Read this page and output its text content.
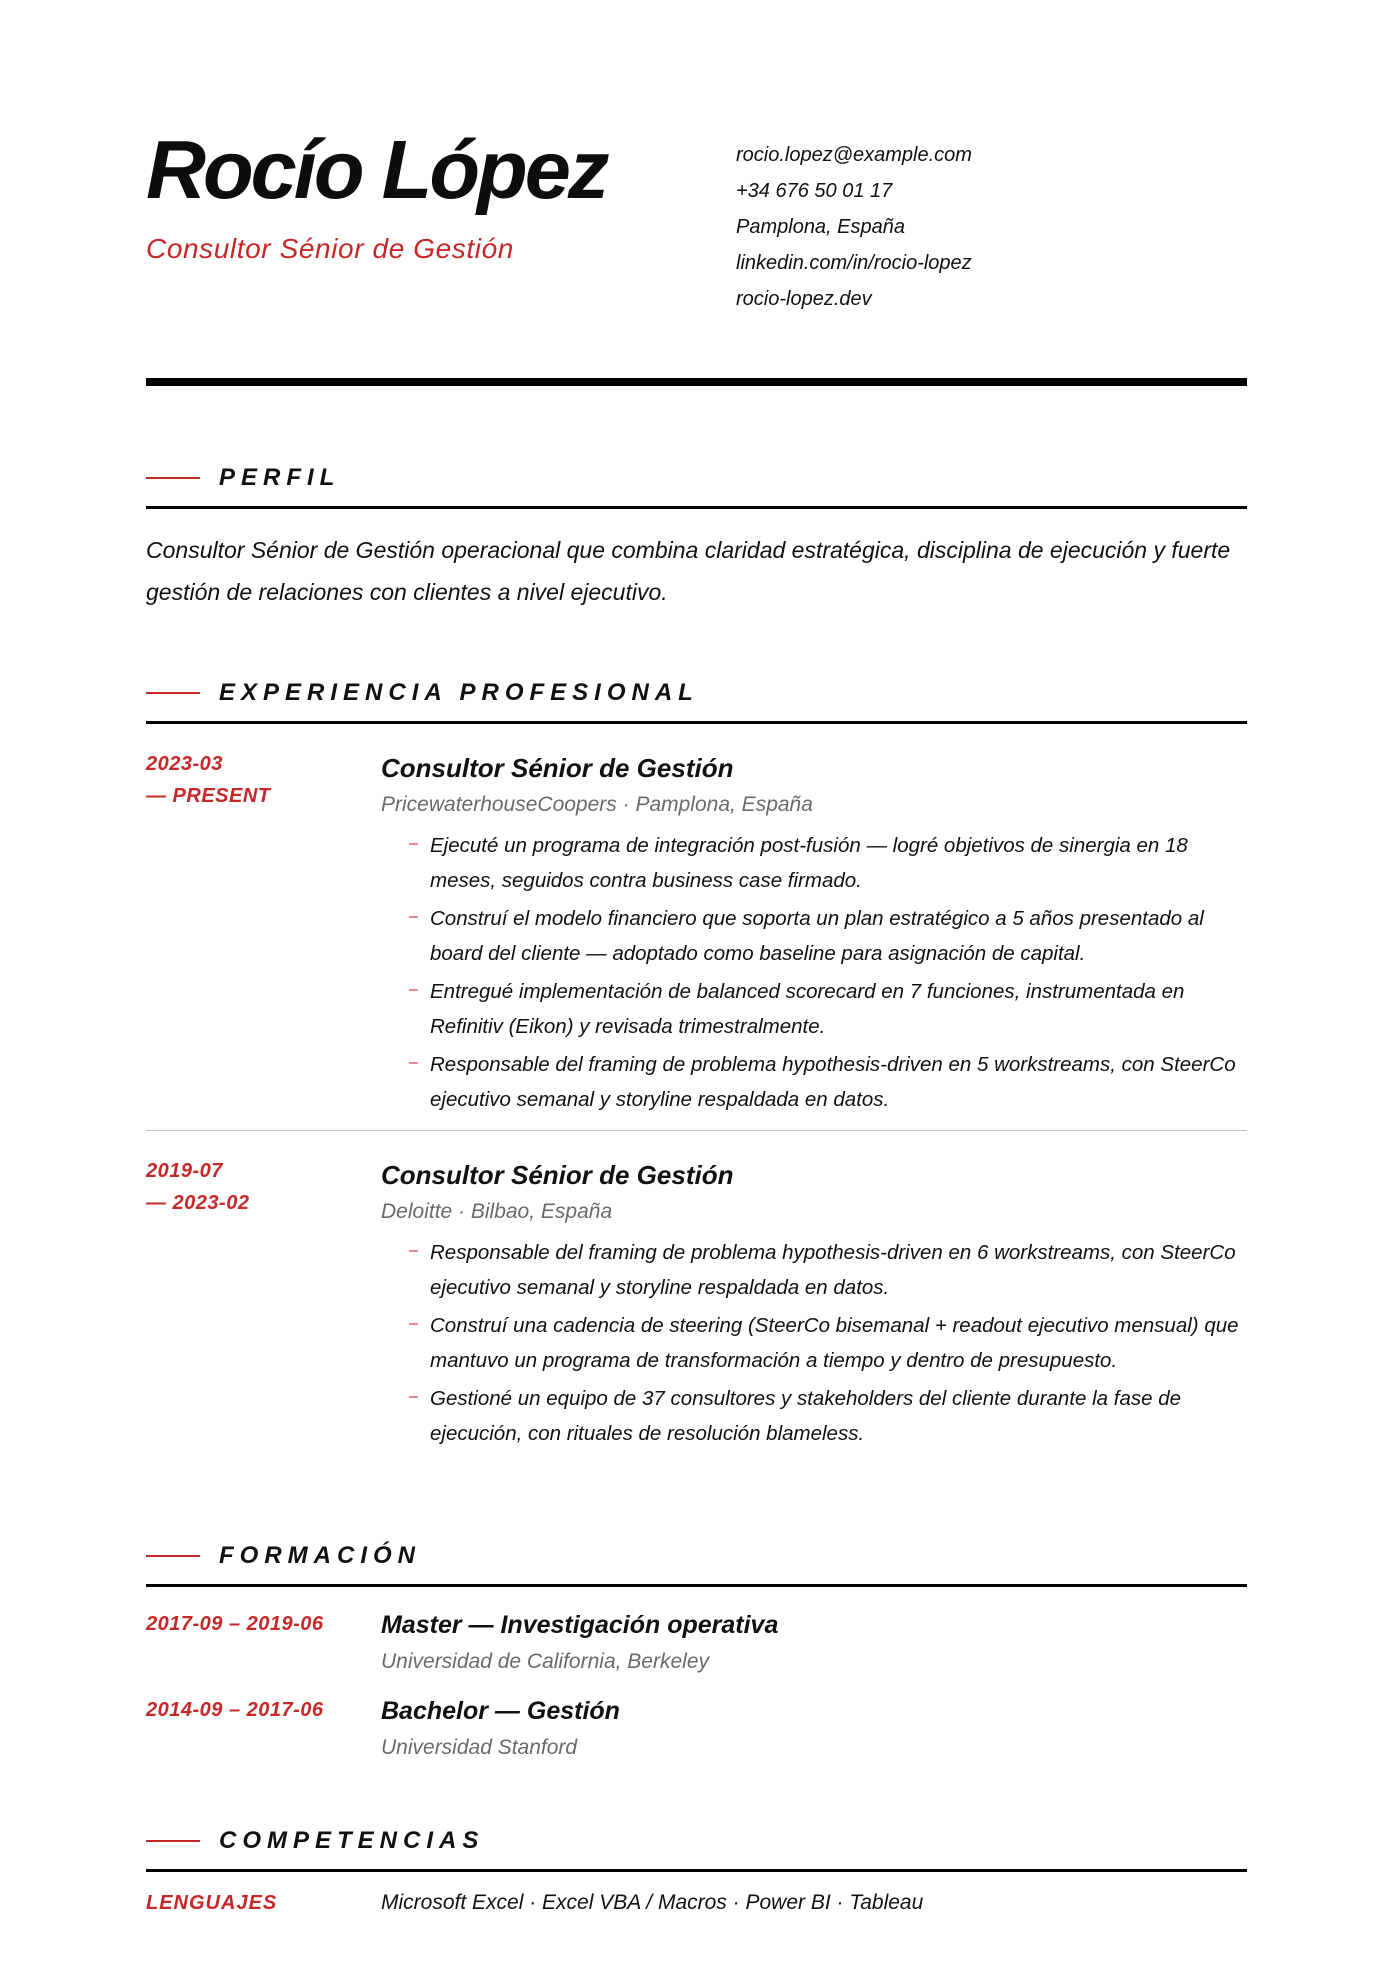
Rocío López
Consultor Sénior de Gestión
rocio.lopez@example.com
+34 676 50 01 17
Pamplona, España
linkedin.com/in/rocio-lopez
rocio-lopez.dev
PERFIL

Consultor Sénior de Gestión operacional que combina claridad estratégica, disciplina de ejecución y fuerte gestión de relaciones con clientes a nivel ejecutivo.

EXPERIENCIA PROFESIONAL
2023-03
— PRESENT
Consultor Sénior de Gestión
PricewaterhouseCoopers · Pamplona, España
– Ejecuté un programa de integración post-fusión — logré objetivos de sinergia en 18 meses, seguidos contra business case firmado.
– Construí el modelo financiero que soporta un plan estratégico a 5 años presentado al board del cliente — adoptado como baseline para asignación de capital.
– Entregué implementación de balanced scorecard en 7 funciones, instrumentada en Refinitiv (Eikon) y revisada trimestralmente.
– Responsable del framing de problema hypothesis-driven en 5 workstreams, con SteerCo ejecutivo semanal y storyline respaldada en datos.
2019-07
— 2023-02
Consultor Sénior de Gestión
Deloitte · Bilbao, España
– Responsable del framing de problema hypothesis-driven en 6 workstreams, con SteerCo ejecutivo semanal y storyline respaldada en datos.
– Construí una cadencia de steering (SteerCo bisemanal + readout ejecutivo mensual) que mantuvo un programa de transformación a tiempo y dentro de presupuesto.
– Gestioné un equipo de 37 consultores y stakeholders del cliente durante la fase de ejecución, con rituales de resolución blameless.
FORMACIÓN
2017-09 – 2019-06	Master — Investigación operativa
Universidad de California, Berkeley
2014-09 – 2017-06	Bachelor — Gestión
Universidad Stanford
COMPETENCIAS
LENGUAJES	Microsoft Excel · Excel VBA / Macros · Power BI · Tableau
